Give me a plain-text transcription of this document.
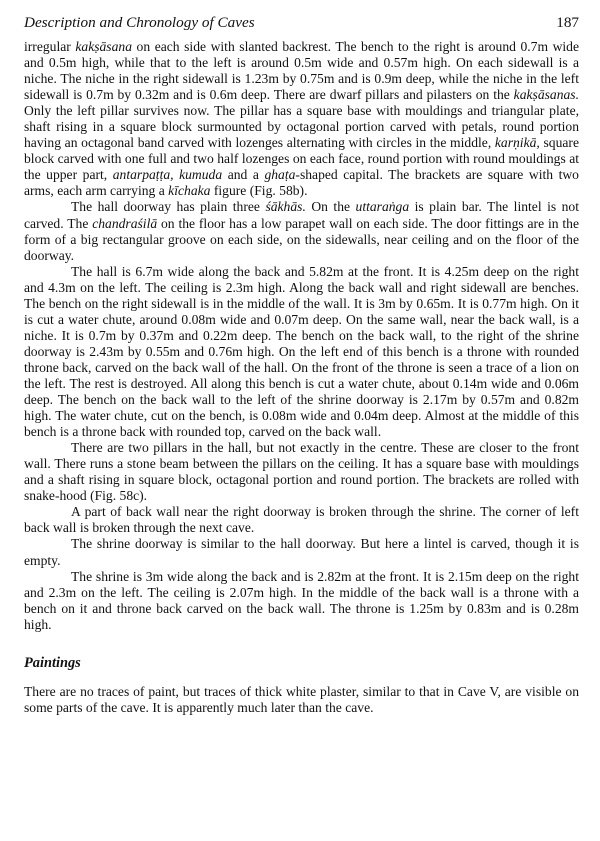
Description and Chronology of Caves	187

irregular kakṣāsana on each side with slanted backrest. The bench to the right is around 0.7m wide and 0.5m high, while that to the left is around 0.5m wide and 0.57m high. On each sidewall is a niche. The niche in the right sidewall is 1.23m by 0.75m and is 0.9m deep, while the niche in the left sidewall is 0.7m by 0.32m and is 0.6m deep. There are dwarf pillars and pilasters on the kakṣāsanas. Only the left pillar survives now. The pillar has a square base with mouldings and triangular plate, shaft rising in a square block surmounted by octagonal portion carved with petals, round portion having an octagonal band carved with lozenges alternating with circles in the middle, karṇikā, square block carved with one full and two half lozenges on each face, round portion with round mouldings at the upper part, antarpaṭṭa, kumuda and a ghaṭa-shaped capital. The brackets are square with two arms, each arm carrying a kīchaka figure (Fig. 58b).

The hall doorway has plain three śākhās. On the uttaraṅga is plain bar. The lintel is not carved. The chandraśilā on the floor has a low parapet wall on each side. The door fittings are in the form of a big rectangular groove on each side, on the sidewalls, near ceiling and on the floor of the doorway.

The hall is 6.7m wide along the back and 5.82m at the front. It is 4.25m deep on the right and 4.3m on the left. The ceiling is 2.3m high. Along the back wall and right sidewall are benches. The bench on the right sidewall is in the middle of the wall. It is 3m by 0.65m. It is 0.77m high. On it is cut a water chute, around 0.08m wide and 0.07m deep. On the same wall, near the back wall, is a niche. It is 0.7m by 0.37m and 0.22m deep. The bench on the back wall, to the right of the shrine doorway is 2.43m by 0.55m and 0.76m high. On the left end of this bench is a throne with rounded throne back, carved on the back wall of the hall. On the front of the throne is seen a trace of a lion on the left. The rest is destroyed. All along this bench is cut a water chute, about 0.14m wide and 0.06m deep. The bench on the back wall to the left of the shrine doorway is 2.17m by 0.57m and 0.82m high. The water chute, cut on the bench, is 0.08m wide and 0.04m deep. Almost at the middle of this bench is a throne back with rounded top, carved on the back wall.

There are two pillars in the hall, but not exactly in the centre. These are closer to the front wall. There runs a stone beam between the pillars on the ceiling. It has a square base with mouldings and a shaft rising in square block, octagonal portion and round portion. The brackets are rolled with snake-hood (Fig. 58c).

A part of back wall near the right doorway is broken through the shrine. The corner of left back wall is broken through the next cave.

The shrine doorway is similar to the hall doorway. But here a lintel is carved, though it is empty.

The shrine is 3m wide along the back and is 2.82m at the front. It is 2.15m deep on the right and 2.3m on the left. The ceiling is 2.07m high. In the middle of the back wall is a throne with a bench on it and throne back carved on the back wall. The throne is 1.25m by 0.83m and is 0.28m high.

Paintings

There are no traces of paint, but traces of thick white plaster, similar to that in Cave V, are visible on some parts of the cave. It is apparently much later than the cave.
